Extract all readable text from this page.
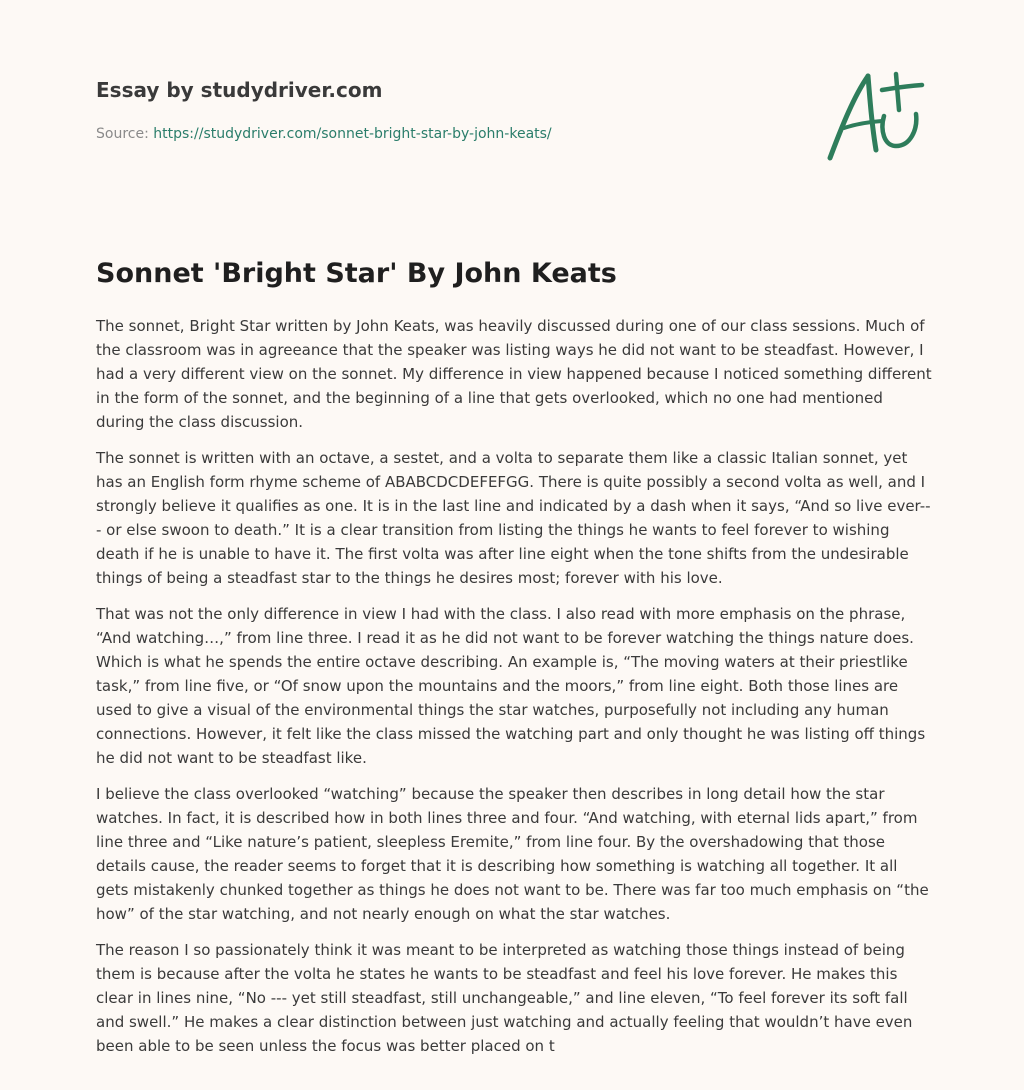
Essay by studydriver.com
Source: https://studydriver.com/sonnet-bright-star-by-john-keats/
Sonnet 'Bright Star' By John Keats

The sonnet, Bright Star written by John Keats, was heavily discussed during one of our class sessions. Much of the classroom was in agreeance that the speaker was listing ways he did not want to be steadfast. However, I had a very different view on the sonnet. My difference in view happened because I noticed something different in the form of the sonnet, and the beginning of a line that gets overlooked, which no one had mentioned during the class discussion.

The sonnet is written with an octave, a sestet, and a volta to separate them like a classic Italian sonnet, yet has an English form rhyme scheme of ABABCDCDEFEFGG. There is quite possibly a second volta as well, and I strongly believe it qualifies as one. It is in the last line and indicated by a dash when it says, “And so live ever--- or else swoon to death.” It is a clear transition from listing the things he wants to feel forever to wishing death if he is unable to have it. The first volta was after line eight when the tone shifts from the undesirable things of being a steadfast star to the things he desires most; forever with his love.

That was not the only difference in view I had with the class. I also read with more emphasis on the phrase, “And watching…,” from line three. I read it as he did not want to be forever watching the things nature does. Which is what he spends the entire octave describing. An example is, “The moving waters at their priestlike task,” from line five, or “Of snow upon the mountains and the moors,” from line eight. Both those lines are used to give a visual of the environmental things the star watches, purposefully not including any human connections. However, it felt like the class missed the watching part and only thought he was listing off things he did not want to be steadfast like.

I believe the class overlooked “watching” because the speaker then describes in long detail how the star watches. In fact, it is described how in both lines three and four. “And watching, with eternal lids apart,” from line three and “Like nature’s patient, sleepless Eremite,” from line four. By the overshadowing that those details cause, the reader seems to forget that it is describing how something is watching all together. It all gets mistakenly chunked together as things he does not want to be. There was far too much emphasis on “the how” of the star watching, and not nearly enough on what the star watches.

The reason I so passionately think it was meant to be interpreted as watching those things instead of being them is because after the volta he states he wants to be steadfast and feel his love forever. He makes this clear in lines nine, “No --- yet still steadfast, still unchangeable,” and line eleven, “To feel forever its soft fall and swell.” He makes a clear distinction between just watching and actually feeling that wouldn’t have even been able to be seen unless the focus was better placed on t
